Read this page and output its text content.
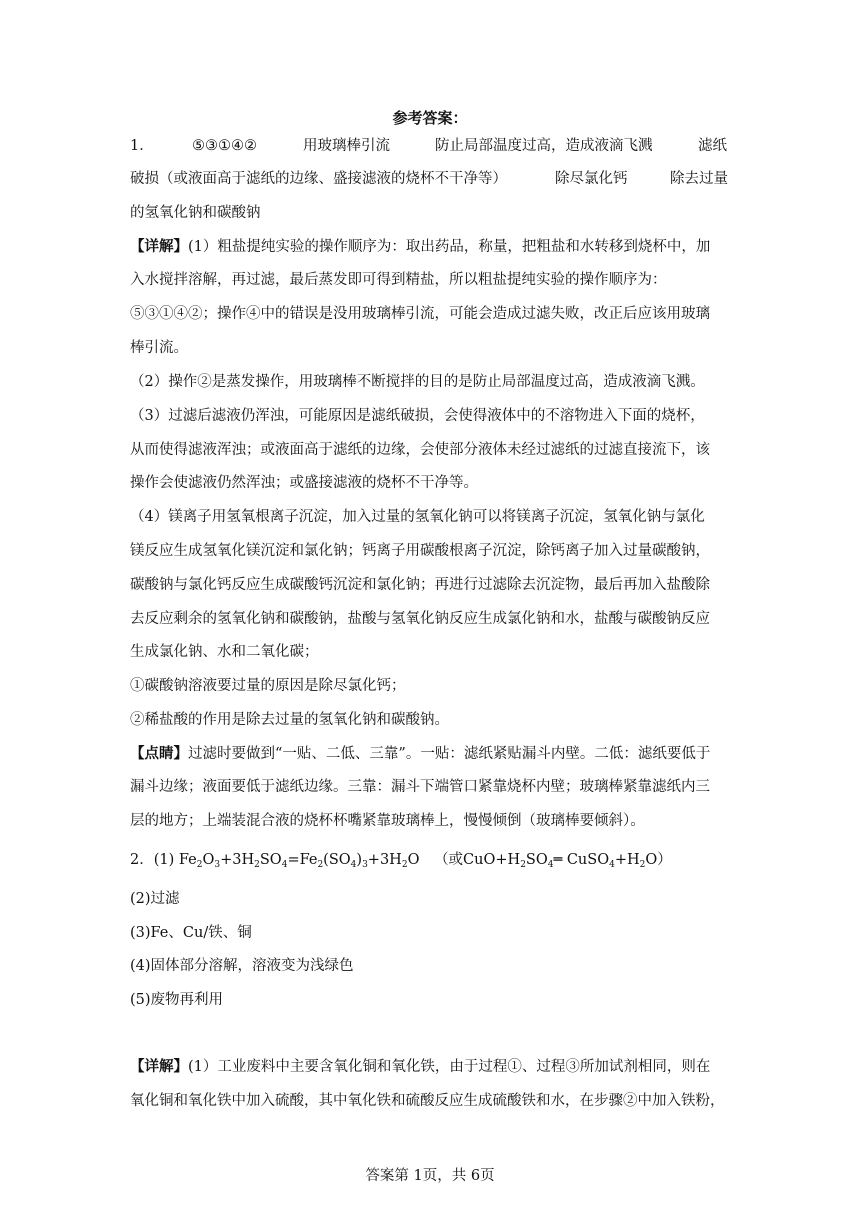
参考答案：
1．	⑤③①④②	用玻璃棒引流	防止局部温度过高，造成液滴飞溅	滤纸
破损（或液面高于滤纸的边缘、盛接滤液的烧杯不干净等）	除尽氯化钙	除去过量
的氢氧化钠和碳酸钠
【详解】(1）粗盐提纯实验的操作顺序为：取出药品，称量，把粗盐和水转移到烧杯中，加
入水搅拌溶解，再过滤，最后蒸发即可得到精盐，所以粗盐提纯实验的操作顺序为：
⑤③①④②；操作④中的错误是没用玻璃棒引流，可能会造成过滤失败，改正后应该用玻璃
棒引流。
（2）操作②是蒸发操作，用玻璃棒不断搅拌的目的是防止局部温度过高，造成液滴飞溅。
（3）过滤后滤液仍浑浊，可能原因是滤纸破损，会使得液体中的不溶物进入下面的烧杯，
从而使得滤液浑浊；或液面高于滤纸的边缘，会使部分液体未经过滤纸的过滤直接流下，该
操作会使滤液仍然浑浊；或盛接滤液的烧杯不干净等。
（4）镁离子用氢氧根离子沉淀，加入过量的氢氧化钠可以将镁离子沉淀，氢氧化钠与氯化
镁反应生成氢氧化镁沉淀和氯化钠；钙离子用碳酸根离子沉淀，除钙离子加入过量碳酸钠，
碳酸钠与氯化钙反应生成碳酸钙沉淀和氯化钠；再进行过滤除去沉淀物，最后再加入盐酸除
去反应剩余的氢氧化钠和碳酸钠，盐酸与氢氧化钠反应生成氯化钠和水，盐酸与碳酸钠反应
生成氯化钠、水和二氧化碳；
①碳酸钠溶液要过量的原因是除尽氯化钙；
②稀盐酸的作用是除去过量的氢氧化钠和碳酸钠。
【点睛】过滤时要做到“一贴、二低、三靠”。一贴：滤纸紧贴漏斗内壁。二低：滤纸要低于
漏斗边缘；液面要低于滤纸边缘。三靠：漏斗下端管口紧靠烧杯内壁；玻璃棒紧靠滤纸内三
层的地方；上端装混合液的烧杯杯嘴紧靠玻璃棒上，慢慢倾倒（玻璃棒要倾斜）。
2．(1) $Fe_2O_3+3H_2SO_4=Fe_2(SO_4)_3+3H_2O$ （或$CuO+H_2SO_4═$ $CuSO_4+H_2O$）
(2)过滤
(3)Fe、Cu/铁、铜
(4)固体部分溶解，溶液变为浅绿色
(5)废物再利用
【详解】(1）工业废料中主要含氧化铜和氧化铁，由于过程①、过程③所加试剂相同，则在
氧化铜和氧化铁中加入硫酸，其中氧化铁和硫酸反应生成硫酸铁和水，在步骤②中加入铁粉，
答案第 1页，共 6页
